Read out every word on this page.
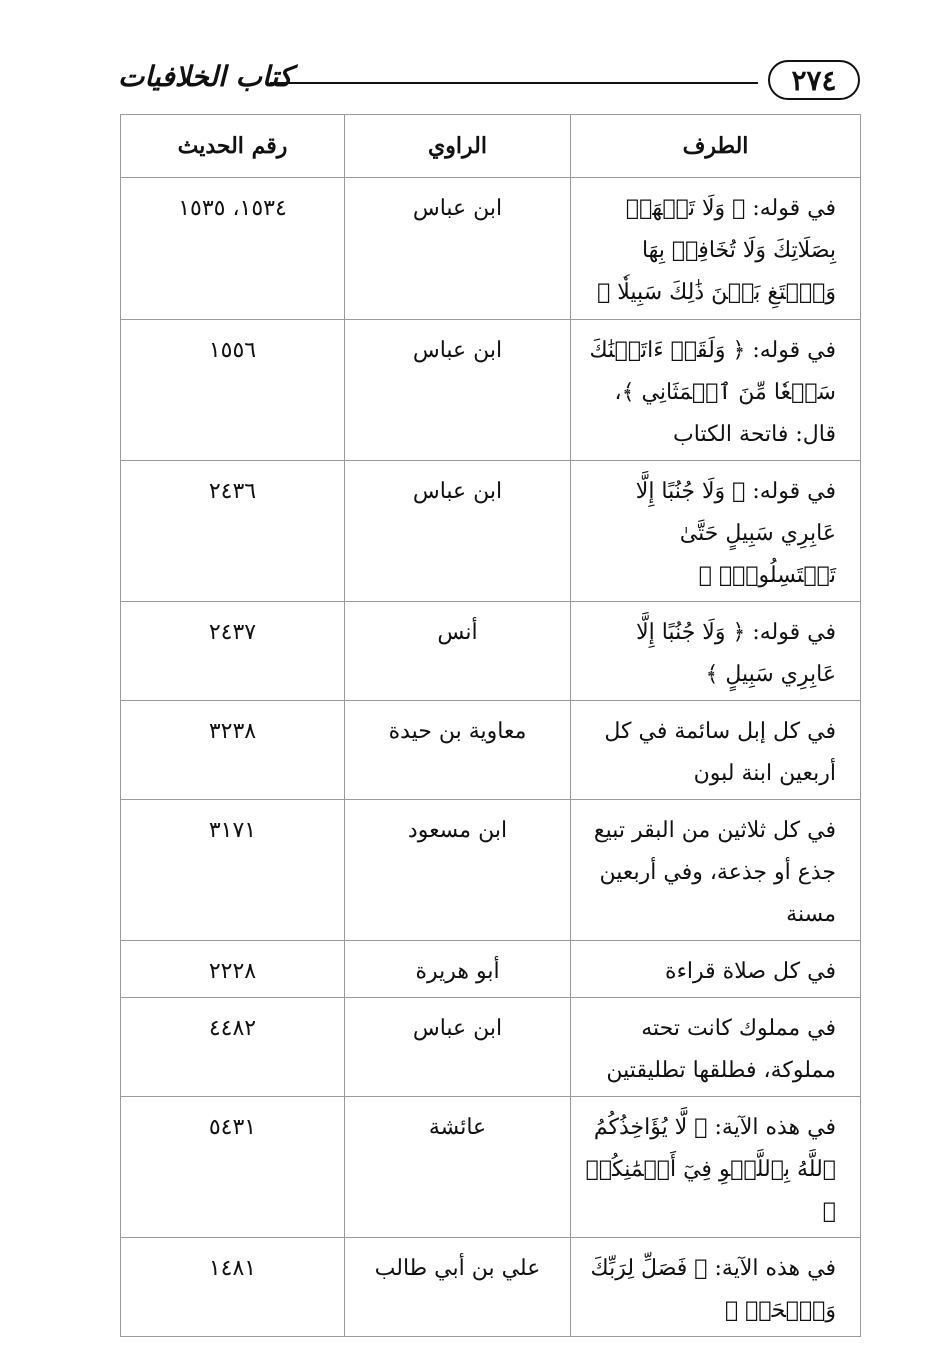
٢٧٤
كتاب الخلافيات
الطرف	الراوي	رقم الحديث
في قوله: ﴿ وَلَا تَجۡهَرۡ بِصَلَاتِكَ وَلَا تُخَافِتۡ بِهَا وَٱبۡتَغِ بَيۡنَ ذَٰلِكَ سَبِيلٗا ﴾	ابن عباس	١٥٣٤، ١٥٣٥
في قوله: ﴿ وَلَقَدۡ ءَاتَيۡنَٰكَ سَبۡعٗا مِّنَ ٱلۡمَثَانِي ﴾، قال: فاتحة الكتاب	ابن عباس	١٥٥٦
في قوله: ﴿ وَلَا جُنُبًا إِلَّا عَابِرِي سَبِيلٍ حَتَّىٰ تَغۡتَسِلُواْۚ ﴾	ابن عباس	٢٤٣٦
في قوله: ﴿ وَلَا جُنُبًا إِلَّا عَابِرِي سَبِيلٍ ﴾	أنس	٢٤٣٧
في كل إبل سائمة في كل أربعين ابنة لبون	معاوية بن حيدة	٣٢٣٨
في كل ثلاثين من البقر تبيع جذع أو جذعة، وفي أربعين مسنة	ابن مسعود	٣١٧١
في كل صلاة قراءة	أبو هريرة	٢٢٢٨
في مملوك كانت تحته مملوكة، فطلقها تطليقتين	ابن عباس	٤٤٨٢
في هذه الآية: ﴿ لَّا يُؤَاخِذُكُمُ ٱللَّهُ بِٱللَّغۡوِ فِيٓ أَيۡمَٰنِكُمۡ ﴾	عائشة	٥٤٣١
في هذه الآية: ﴿ فَصَلِّ لِرَبِّكَ وَٱنۡحَرۡ ﴾	علي بن أبي طالب	١٤٨١
